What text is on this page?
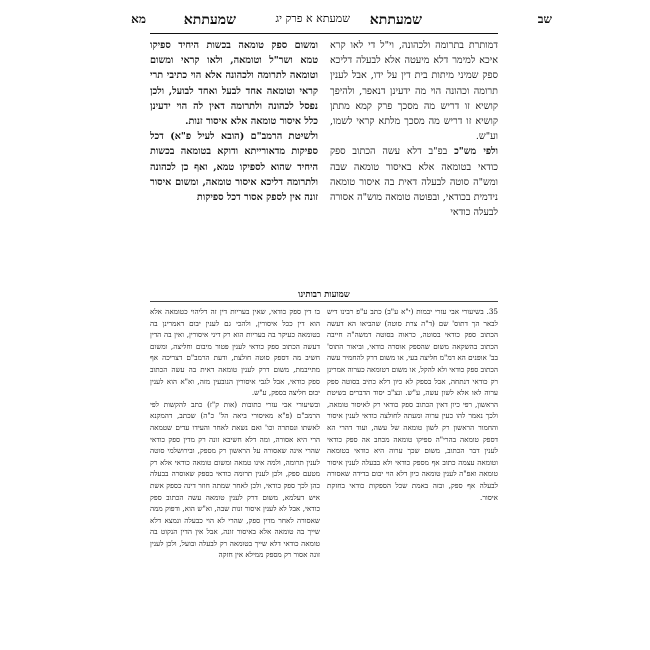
שב
שמעתתא
שמעתא א פרק יג
שמעתתא
מא

דמותרת בתרומה ולכהונה, וי"ל די לאו קרא איכא למימר דלא מיעטה אלא לבעלה דליכא ספק שמיני מיתות בית דין על ידו, אבל לענין תרומה וכהונה הוי מה ידעינן דנאפר, ולהיפך קושיא זו דריש מה מסכך פרק קמא מתתן קושיא זו דריש מה מסכך מלתא קראי לשמו, וע"ש.

ולפי מש"כ בפ"ב דלא עשה הכתוב ספק כודאי בטומאה אלא באיסור טומאה שבה ומש"ה סוטה לבעלה דאית בה איסור טומאה נידמית בכודאי, ובפוטה טומאה מוש"ה אסורה לבעלה כודאי

ומשום ספק טומאה בכשות היחיד ספיקו טמא ושר"ל וטומאה, ולאו קראי ומשום וטומאה לתרומה ולכהונה אלא הוי כתיבי תרי קראי וטומאה אחד לבעל ואחד לבועל, ולכן נפסל לכהונה ולתרומה דאין לה הוי ידעינן כלל איסור טומאה אלא איסור זנות.

ולשיטת הרמב"ם (הובא לעיל פ"א) דכל ספיקות מדאורייתא ודוקא בטומאה בכשות היחיד שהוא לספיקו טמא, ואף כן לכהונה ולתרומה דליכא איסור טומאה, ומשום איסור זונה אין לספק אסור דכל ספיקות

שמועות רבותינו

35. בשיעורי אבי עזרי יבמות (י"א ע"ב) כתב ע"פ רבינו דיש לבאר הך דתוס' שם (ד"ה צרת סוטה) שהביאו הא דעשה הכתוב ספק כודאי בסוטה, כראוה בסוטה דמשה"ה חייבה הכתוב בהשקאה משום שהספק אוסרה כודאי, וביאור התוס' בב' אופנים הא דמ"מ חליצה בעי, או משום דרק להחמיר עשה הכתוב ספק כודאי ולא להקל, או משום דטומאה כערוה אמרינן רק כודאי דנתחה, אבל בספק לא כיון דלא כתיב בסוטה ספק ערוה לאו אלא לשון עשה, ע"ש. ונצ"ב יסוד הדברים בשיטת הראשון, רפי כיון דאין הכתוב ספק כודאי רק לאיסור טומאה, ולכך נאמר להו כעין ערוה ומעתה לחולצה כודאי לענין איסור והחמור הראשון רק לשון טומאה של עשה, ועוד דהרי הא דספק טומאה בהרי"ה ספיקו טומאה מכחב אה ספק כודאי לענין דבר הכתוב, משום שכך ערוה היא כודאי בטומאה וטומאה עצמה כתוב אף מספק כודאי ולא בבעלה לענין איסור טומאה ואפ"ה לענין טומאה כיון דלא הוי יבום בדידה שאסורה לבעלה אף ספק, ובזה באמת שכל הספקות כודאי בחזקת איסור.

בו דין ספק כודאי, שאין בעריות דין זה דליהוי כטומאה אלא הוא דין ככל איסורין, ולהכי גם לענין יבום דאמרינן בה בטומאה כעיקר בה בעריות הוא רק דיני איסורין, ואין בה הדין דעשה הכתוב ספק כודאי לענין פטור מיבום וחליצה, ומשום חשיב מה דספק סוטה חולצת, ודעת הרמב"ם דצריכה אף מתייבמת, משום דרק לענין טומאה דאית בה עשה הכתוב ספק כודאי, אבל לגבי איסורין הנובעין מזה, וא"א הוא לענין יבום חליצה בספק, ע"ש.

ובשיעורי אבי עזרי כתובות (אות ק"ז) כתב להקשות לפי הרמב"ם (פ"א מאיסורי ביאה הל' כ"ה) שכתב, דהמקנא לאשתו ונסתרה וכו' ואם נשאת לאחר והעידו עדים שטמאה הרי היא אסורה, ומה דלא חשיבא זונה רק מדין ספק כודאי שהרי אינה שאסורה על הראשון רק מספק, ובירושלמי סוטה לענין תרומה, ולמה אינו טמאה ומשום טומאה כודאי אלא רק מטעם ספק, ולכן לענין תרומה כודאי בספק שאוסרה בבעלה כהן לכך ספק כודאי, ולכן לאחר שמתה חוזר דינה כספק אשת איש דעלמא, משום דרק לענין טומאה עשה הכתוב ספק כודאי, אבל לא לענין איסור זנות שבה, וא"ש הוא, ודפוק ממה שאסורה לאחר מדין ספק, שהרי לא הוי כבעלה ונמצא דלא שייך בה טומאה אלא באיסור זונה, אבל אין הדין הנקוט בה טומאה כודאי דלא שייך בטומאה רק לבעלה ובועל, ולכן לענין זונה אסור רק מספק ממילא אין חזקה
